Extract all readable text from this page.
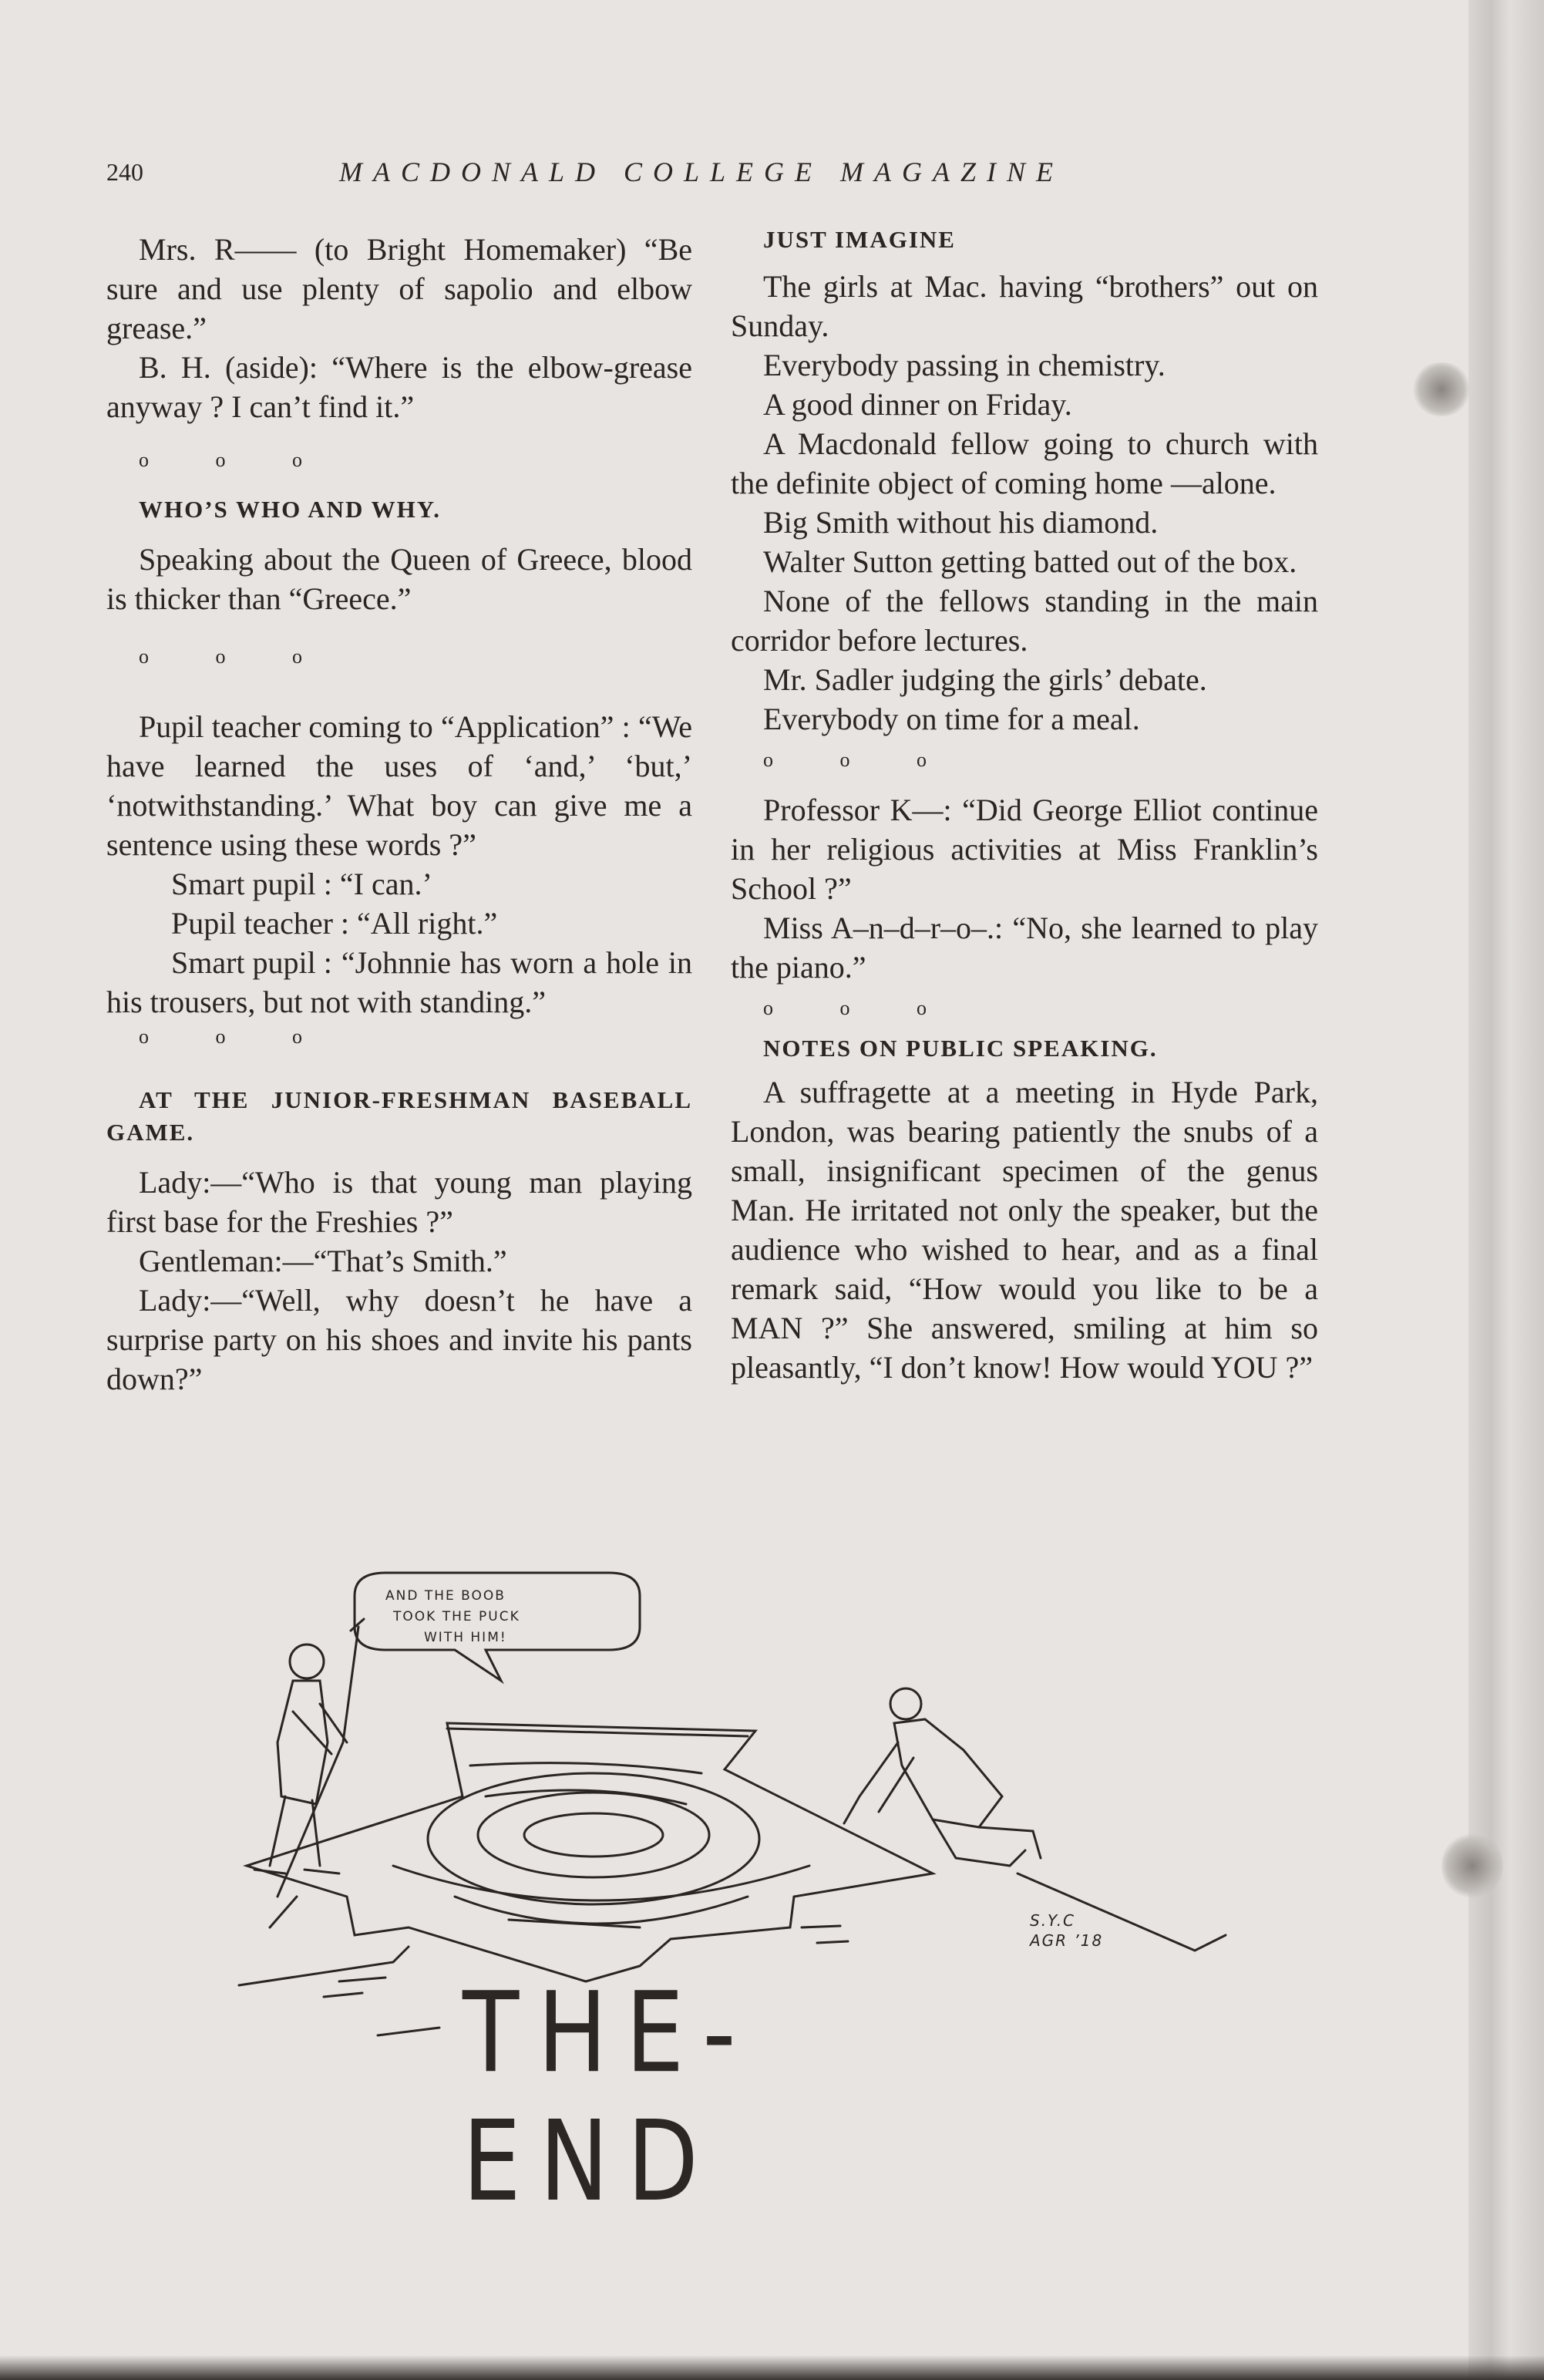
240	MACDONALD COLLEGE MAGAZINE

Mrs. R—— (to Bright Homemaker) “Be sure and use plenty of sapolio and elbow grease.”

B. H. (aside): “Where is the elbow-grease anyway ? I can’t find it.”

o o o

WHO’S WHO AND WHY.

Speaking about the Queen of Greece, blood is thicker than “Greece.”

o o o

Pupil teacher coming to “Application” : “We have learned the uses of ‘and,’ ‘but,’ ‘notwithstanding.’ What boy can give me a sentence using these words ?”

Smart pupil : “I can.’

Pupil teacher : “All right.”

Smart pupil : “Johnnie has worn a hole in his trousers, but not with standing.”

o o o

AT THE JUNIOR-FRESHMAN BASEBALL GAME.

Lady:—“Who is that young man playing first base for the Freshies ?”

Gentleman:—“That’s Smith.”

Lady:—“Well, why doesn’t he have a surprise party on his shoes and invite his pants down?”

JUST IMAGINE

The girls at Mac. having “brothers” out on Sunday.

Everybody passing in chemistry.

A good dinner on Friday.

A Macdonald fellow going to church with the definite object of coming home —alone.

Big Smith without his diamond.

Walter Sutton getting batted out of the box.

None of the fellows standing in the main corridor before lectures.

Mr. Sadler judging the girls’ debate.

Everybody on time for a meal.

o o o

Professor K—: “Did George Elliot continue in her religious activities at Miss Franklin’s School ?”

Miss A–n–d–r–o–.: “No, she learned to play the piano.”

o o o

NOTES ON PUBLIC SPEAKING.

A suffragette at a meeting in Hyde Park, London, was bearing patiently the snubs of a small, insignificant specimen of the genus Man. He irritated not only the speaker, but the audience who wished to hear, and as a final remark said, “How would you like to be a MAN ?” She answered, smiling at him so pleasantly, “I don’t know! How would YOU ?”

AND THE BOOB
TOOK THE PUCK
WITH HIM!
S.Y.C
AGR ’18
THE-END
